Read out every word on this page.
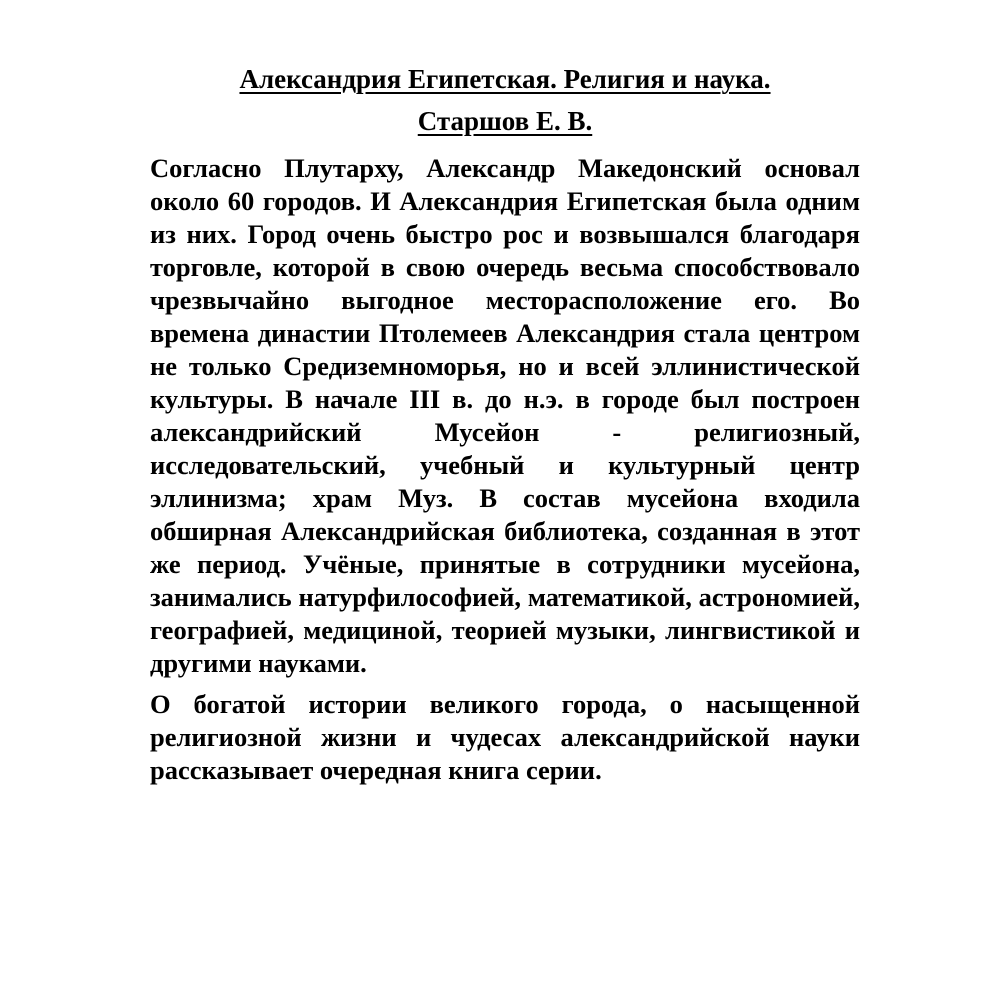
Александрия Египетская. Религия и наука.
Старшов Е. В.

Согласно Плутарху, Александр Македонский основал около 60 городов. И Александрия Египетская была одним из них. Город очень быстро рос и возвышался благодаря торговле, которой в свою очередь весьма способствовало чрезвычайно выгодное месторасположение его. Во времена династии Птолемеев Александрия стала центром не только Средиземноморья, но и всей эллинистической культуры. В начале III в. до н.э. в городе был построен александрийский Мусейон - религиозный, исследовательский, учебный и культурный центр эллинизма; храм Муз. В состав мусейона входила обширная Александрийская библиотека, созданная в этот же период. Учёные, принятые в сотрудники мусейона, занимались натурфилософией, математикой, астрономией, географией, медициной, теорией музыки, лингвистикой и другими науками.

О богатой истории великого города, о насыщенной религиозной жизни и чудесах александрийской науки рассказывает очередная книга серии.
